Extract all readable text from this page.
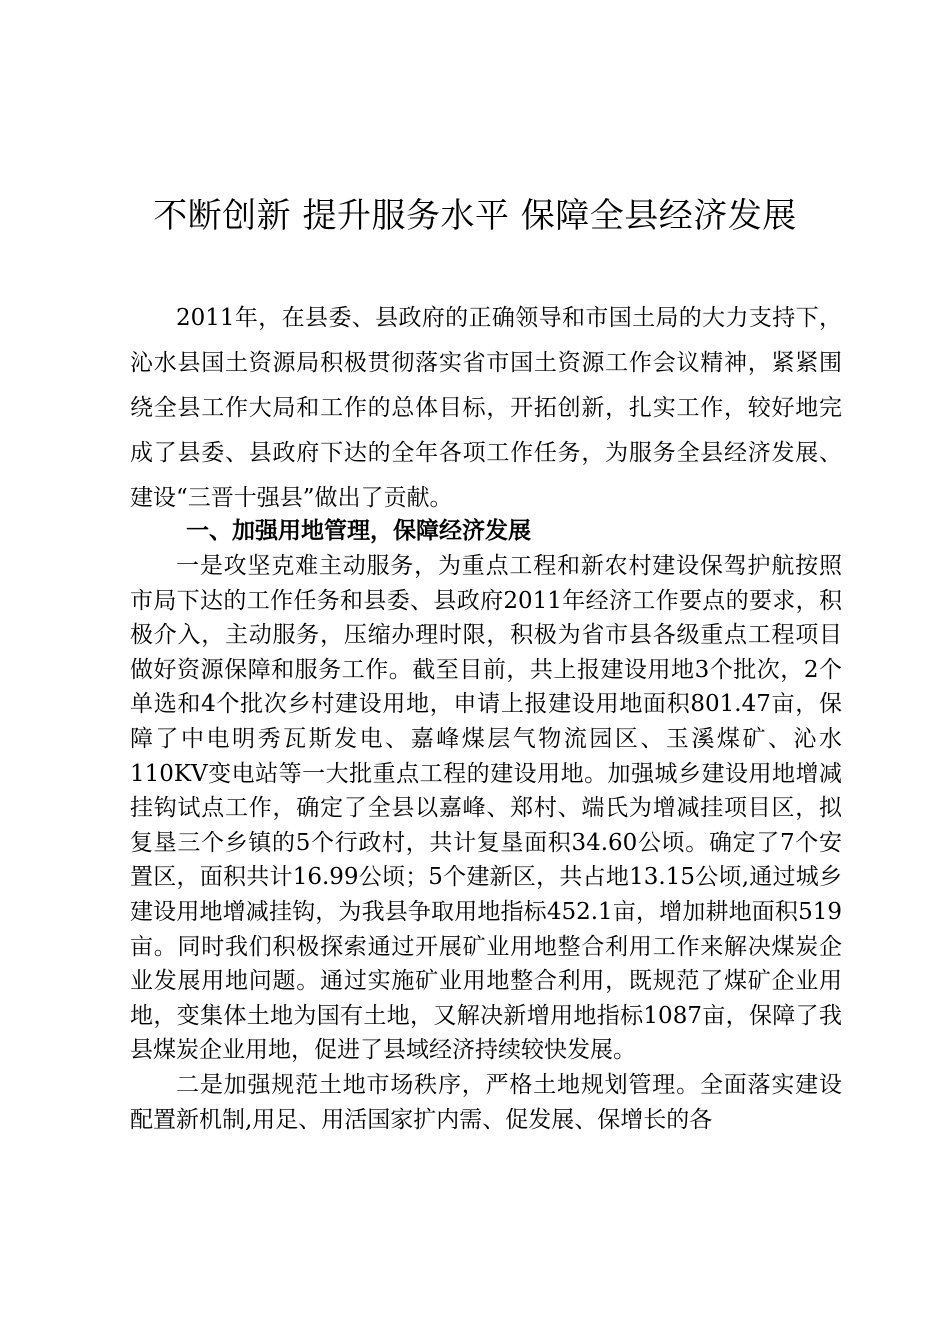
不断创新 提升服务水平 保障全县经济发展

2011年，在县委、县政府的正确领导和市国土局的大力支持下，沁水县国土资源局积极贯彻落实省市国土资源工作会议精神，紧紧围绕全县工作大局和工作的总体目标，开拓创新，扎实工作，较好地完成了县委、县政府下达的全年各项工作任务，为服务全县经济发展、建设“三晋十强县”做出了贡献。

一、加强用地管理，保障经济发展

一是攻坚克难主动服务，为重点工程和新农村建设保驾护航按照市局下达的工作任务和县委、县政府2011年经济工作要点的要求，积极介入，主动服务，压缩办理时限，积极为省市县各级重点工程项目做好资源保障和服务工作。截至目前，共上报建设用地3个批次，2个单选和4个批次乡村建设用地，申请上报建设用地面积801.47亩，保障了中电明秀瓦斯发电、嘉峰煤层气物流园区、玉溪煤矿、沁水110KV变电站等一大批重点工程的建设用地。加强城乡建设用地增减挂钩试点工作，确定了全县以嘉峰、郑村、端氏为增减挂项目区，拟复垦三个乡镇的5个行政村，共计复垦面积34.60公顷。确定了7个安置区，面积共计16.99公顷；5个建新区，共占地13.15公顷,通过城乡建设用地增减挂钩，为我县争取用地指标452.1亩，增加耕地面积519亩。同时我们积极探索通过开展矿业用地整合利用工作来解决煤炭企业发展用地问题。通过实施矿业用地整合利用，既规范了煤矿企业用地，变集体土地为国有土地，又解决新增用地指标1087亩，保障了我县煤炭企业用地，促进了县域经济持续较快发展。

二是加强规范土地市场秩序，严格土地规划管理。全面落实建设配置新机制,用足、用活国家扩内需、促发展、保增长的各
